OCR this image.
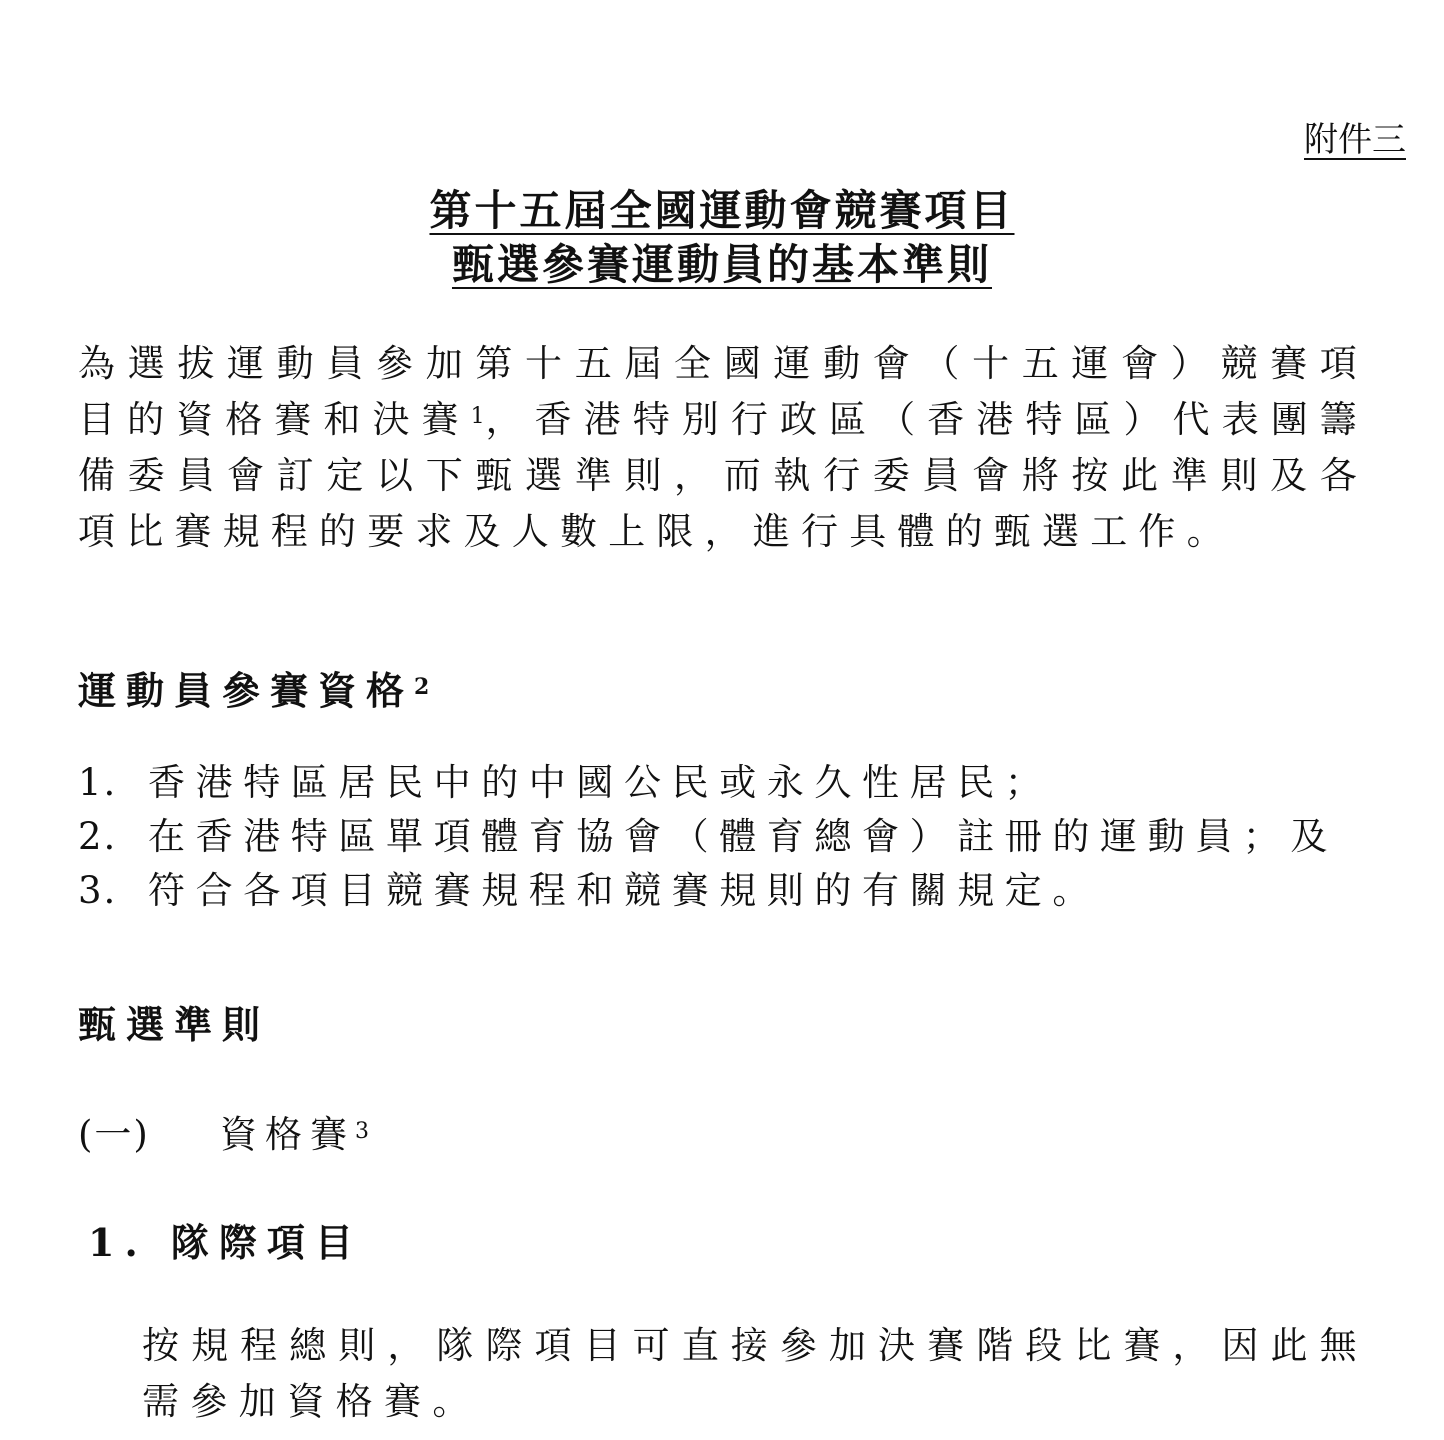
附件三
第十五屆全國運動會競賽項目
甄選參賽運動員的基本準則
為選拔運動員參加第十五屆全國運動會（十五運會）競賽項目的資格賽和決賽$^1$，香港特別行政區（香港特區）代表團籌備委員會訂定以下甄選準則，而執行委員會將按此準則及各項比賽規程的要求及人數上限，進行具體的甄選工作。
運動員參賽資格$^2$
1. 香港特區居民中的中國公民或永久性居民；
2. 在香港特區單項體育協會（體育總會）註冊的運動員；及
3. 符合各項目競賽規程和競賽規則的有關規定。
甄選準則
(一)	資格賽$^3$
1. 隊際項目
按規程總則，隊際項目可直接參加決賽階段比賽，因此無需參加資格賽。
